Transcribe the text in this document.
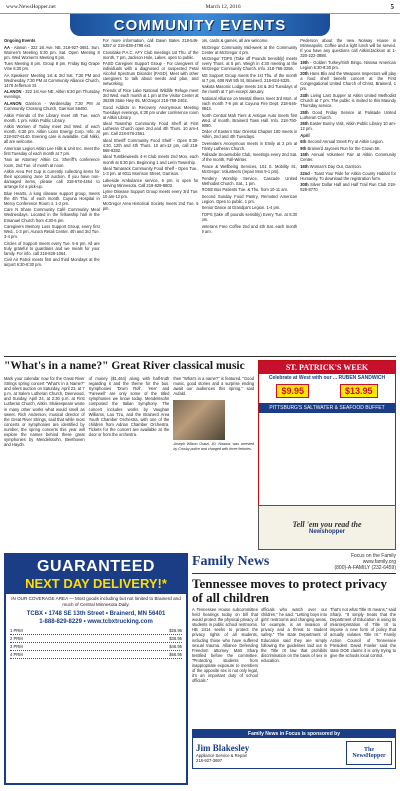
www.NewsHopper.net	March 12, 2016	5
COMMUNITY EVENTS

Ongoing Events

AA - Alanon - 322 1st Ave. NE. 218-927-3651. Sun. Women's Meeting 5:30 pm. Sat. Open Meeting 8 pm. Wed Women's Meeting 8 pm.

Tues Meeting 8 pm. Group 8 pm. Friday Big Grape Vine 6:30 pm.

AA Speakers' Meeting 1st & 3rd Sat. 7:30 PM and Wednesday 7:30 PM at Community Alliance Church, 1478 Jefferson St.

ALANON - 322 1st Ave NE, Aitkin 6:30 pm Thursday evenings.

ALANON Garrison - Wednesday 7:30 PM at Community Crossing Church, Garrison 56450.

Aitkin Friends of the Library meet 4th Tue. each month, 1 pm. Aitkin Public Library.

Aitkin Women of Today meet 2nd Wed. of each month, 6:30 pm. Aitkin Lions Energy Corp. Info. at 218-927-6140. Evening care is available. Call Nikki, all are welcome.

American Legion Aitkin Lee Hills & Unit Inc. meet the first Tuesday of each month at 7 pm.

'Nos an Attorney' Aitkin Co. Sheriff's conference room, 2nd Tue. of month at noon.

Aitkin Area Pet Cup is currently collecting items for their upcoming June 10 auction. If you have non-damaged items, please call 218-678-4464 to arrange for a pick-up.

Blue Hearts, a lung disease support group, meets the 4th Thu. of each month. Cuyuna Hospital in Mercy Conference Room 4, 1-2 pm.

Care N Share Community Café Community Meal Wednesdays. Located in the fellowship hall in the Emanuel Church from 4:30-6 pm.

Caregivers Memory Loss Support Group, every first Wed., 1-3 pm, Aurora Retail Center. 4th and 3rd Tue. 3-4 pm.

Circles of Support meets every Tue. 5-6 pm. All are truly grateful to guardians and we meals for your family. For info. call 218-828-1064.

Civil Air Patrol meets first and third Mondays at the airport 6:30-8:30 pm.

For more information, call Dawn Bates 218-546-5257 or 218-838-4798 ext.

Crosslake P.A.C. AFY Club meetings 1st Thu. of the month, 7 pm, Jackson Hole, Lakes. open to public.

FASD Caregiver Support Group - For caregivers of individuals with a diagnosed or suspected Fetal Alcohol Spectrum Disorder (FASD). Meet with other caregivers to talk about needs and plan, and networking.

Friends of Rice Lake National Wildlife Refuge meet 3rd Wed. each month at 1 pm at the Visitor Center at 36289 State Hwy 65, McGregor 218-768-2402.

Good Addicts in Recovery Anonymous Meeting Tuesdays evenings, 6:30 pm under conference room at Aitkin Library.

Ideal Township Community Food Shelf at First Lutheran Church open 2nd and 4th Thurs. 10 am-4 pm. Call 218-678-2561.

Ideal Sheriff Community Food Shelf - Open 8:30-4:30. 12th and 4th Thurs. 10 am-12 pm, call 218-568-8282.

Ideal Tumbleweeds 4-H Club meets 2nd Mon. each month at 6:30 pm. Beginning 1 and Lerin Township.

Ideal Tamarack Community Food Shelf - Open Tue., 1-3 pm. at 6011 Morrison Street, Garrison.

Lakeside Ambulance service, 6 pm, is open for serving Minnesota. Call 218-829-8803.

Lyme Disease Support Group meets every 3rd Tue. 10 am-12 pm.

McGregor Area Historical Society meets 2nd Tue. 5 pm.

pm, cards & games, all are welcome.

McGregor Community Mid-week at the Community Center at McGregor 4 pm.

McGregor TOPS (Take off Pounds Sensibly) meets every Thurs. at 5 pm. Weigh in 4:30 meeting at the McGregor Community Church. Info. 218-768-3256.

MS Support Group meets the 1st Thu. of the month at 7 pm, 606 NW 5th St, Brainerd, 218-824-5325.

Nakota Masonic Lodge meets 1st & 3rd Tuesdays of the month at 7 pm except January.

National Alliance on Mental Illness meet 3rd Mon. of each month 7-9 pm at Cuyuna Fire Dept, 218-546-8843.

North Central Mah Tiers & Antique Auto meets first Wed. of month, Brainerd Town Hall. Info. 218-750-9090.

Order of Eastern Star Oriental Chapter 100 meets in Aitkin, 2nd and 4th Tuesdays.

Overeaters Anonymous meets in Emily at 2 pm at Trinity Lutheran Church.

Palisade Snowmobile Club, meetings every 2nd Sat. of the month, Fall-Winter.

Peace & Wellbeing Services, 101 S. Mobility St., McGregor. Volunteers (repair Mon 9-1 pm).

Pendery Worship Service, Cascade United Methodist Church. Sat., 1 pm.

ROSE Bus Patients Tue. & Thu. from 10-11 am.

Second Sunday Food Pantry, Remoted American Legion. Open to public. 1 pm.

Senior Dance at Grandpa's Legion. 1-4 pm.

TOPS (take off pounds sensibly) Every Tue. at 5:30 pm.

Veterans Free Coffee 2nd and 4th Sat. each month 9 am.

Pederson about the new Norway House in Minneapolis. Coffee and a light lunch will be served. If you have any questions call Aitkin/Jackson at 1-320-222-3888.

19th - Golden Turkey/Irish Bingo. Nisswa American Legion 6:30-8:30 pm.

20th Hans Blix and the Weapons Inspectors will play a food shell benefit concert at the First Congregational United Church of Christ, Brainerd, 1 pm.

24th Living Last Supper at Aitkin United Methodist Church at 7 pm. The public is invited to this Maundy Thursday service.

25th Good Friday Service at Palisade United Lutheran Church.

26th Easter Bunny Visit, Aitkin Public Library 10 am-12 pm.

April

6th Second Annual Smelt Fry at Aitkin Legion.

9th Brainerd Jaycees Run for the Crown 5K.

15th Annual Volunteer Fair at Aitkin Community Center.

16th Woman's Day Out, Garrison.

22nd - Toast Your Ride for Aitkin County Habitat for Humanity. To download the registration form.

30th Silver Dollar Half and Half Trail Run Club 218-829-8770.

"What's in a name?" Great River classical music
Mark your calendar now for the Great River Strings spring concert "What's in a Name?" and silent auction on Saturday, April 23, at 7 p.m. at Salem Lutheran Church, Deerwood, and Sunday, April 24, at 2:30 p.m. at First Lutheran Church, Aitkin. Shakespeare wrote in many other works what would smell as sweet. Rich Anderson, musical director of the Great River Strings, said that while most concerts or symphonies are identified by number, the spring concerts this year will explore the names behind these great symphonies by Mendelssohn, Beethoven and Haydn.
of money ($1,464) along with half-truth regarding it and the theme for the bus. Symphonies 'Drum Roll', 'Hen' and 'Farewell' are only some of the titled symphonies we know today. Mendelssohn composed the Italian symphony. The concert includes works by Vaughan Williams, Lao Tzu, and the Brainerd Area Youth Chamber Orchestra, with one of the children from Adrian Chamber Orchestra. Tickets for the concert are available at the door or from the orchestra.
then "What's in a name?" is featured. "Good music, good stories and a surprise ending await our audiences this spring," said Aufald.
Joseph Wilson Gratzl, 40, Nisswa, was arrested by Crosby police and charged with three felonies.
ST. PATRICK'S WEEK
Celebrate at West with our ... RUBEN SANDWICH
$9.95	$13.95
PITTSBURG'S SALTWATER & SEAFOOD BUFFET
Tell 'em you read the
Newshopper
GUARANTEED
NEXT DAY DELIVERY!*
IN OUR COVERAGE AREA — Most goods including but not limited to Brainerd and much of Central Minnesota Daily.
TCBX • 1748 SE 13th Street • Brainerd, MN 56401
1-888-829-8229 • www.tcbxtrucking.com
1 PRM	$26.95
2 PRM	$36.95
3 PRM	$46.95
4 PRM	$56.95
Family News	Focus on the Family
www.family.org
(800)-A-FAMILY (232-6459)
Tennessee moves to protect privacy of all children
A Tennessee House subcommittee held hearings today on bill that would protect the physical privacy of students in public school restrooms. HB 2414 seeks to protect the privacy rights of all students, including those who have suffered sexual trauma. Alliance Defending Freedom attorney Matt Sharp testified before the committee. "Protecting students from inappropriate exposure to members of the opposite sex is not only legal, it's an important duty of school officials."
officials who watch over our children," he said. "Letting boys into girls' restrooms and changing areas, for example, is an invasion of privacy and a threat to student safety." The state Department of Education said they are simply following the guidelines laid out in the Title IX law that prohibits discrimination on the basis of sex in education.
That's not what Title IX means," said Sharp. "It simply treats that the Department of Education is using its misinterpretation of Title IX to impose a new form of policy that actually violates Title IX." Family Action Council of Tennessee President David Fowler said the state DOE claims it is only trying to give the schools local control.
Family News in Focus is sponsored by
Jim Blakesley
Appliance Service & Repair
218-927-3697
The NewsHopper
